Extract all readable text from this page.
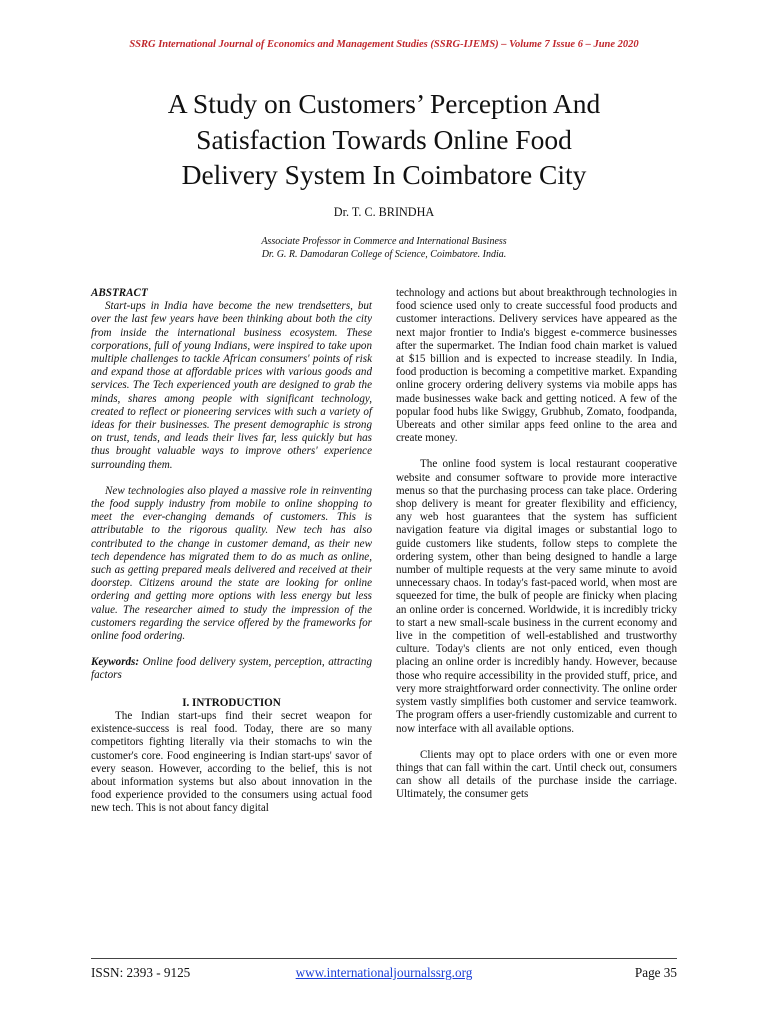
SSRG International Journal of Economics and Management Studies (SSRG-IJEMS) – Volume 7 Issue 6 – June 2020
A Study on Customers’ Perception And
Satisfaction Towards Online Food
Delivery System In Coimbatore City
Dr. T. C. BRINDHA
Associate Professor in Commerce and International Business
Dr. G. R. Damodaran College of Science, Coimbatore. India.

ABSTRACT

Start-ups in India have become the new trendsetters, but over the last few years have been thinking about both the city from inside the international business ecosystem. These corporations, full of young Indians, were inspired to take upon multiple challenges to tackle African consumers' points of risk and expand those at affordable prices with various goods and services. The Tech experienced youth are designed to grab the minds, shares among people with significant technology, created to reflect or pioneering services with such a variety of ideas for their businesses. The present demographic is strong on trust, tends, and leads their lives far, less quickly but has thus brought valuable ways to improve others' experience surrounding them.

New technologies also played a massive role in reinventing the food supply industry from mobile to online shopping to meet the ever-changing demands of customers. This is attributable to the rigorous quality. New tech has also contributed to the change in customer demand, as their new tech dependence has migrated them to do as much as online, such as getting prepared meals delivered and received at their doorstep. Citizens around the state are looking for online ordering and getting more options with less energy but less value. The researcher aimed to study the impression of the customers regarding the service offered by the frameworks for online food ordering.

Keywords: Online food delivery system, perception, attracting factors

I. INTRODUCTION

The Indian start-ups find their secret weapon for existence-success is real food. Today, there are so many competitors fighting literally via their stomachs to win the customer's core. Food engineering is Indian start-ups' savor of every season. However, according to the belief, this is not about information systems but also about innovation in the food experience provided to the consumers using actual food new tech. This is not about fancy digital

technology and actions but about breakthrough technologies in food science used only to create successful food products and customer interactions. Delivery services have appeared as the next major frontier to India's biggest e-commerce businesses after the supermarket. The Indian food chain market is valued at $15 billion and is expected to increase steadily. In India, food production is becoming a competitive market. Expanding online grocery ordering delivery systems via mobile apps has made businesses wake back and getting noticed. A few of the popular food hubs like Swiggy, Grubhub, Zomato, foodpanda, Ubereats and other similar apps feed online to the area and create money.

The online food system is local restaurant cooperative website and consumer software to provide more interactive menus so that the purchasing process can take place. Ordering shop delivery is meant for greater flexibility and efficiency, any web host guarantees that the system has sufficient navigation feature via digital images or substantial logo to guide customers like students, follow steps to complete the ordering system, other than being designed to handle a large number of multiple requests at the very same minute to avoid unnecessary chaos. In today's fast-paced world, when most are squeezed for time, the bulk of people are finicky when placing an online order is concerned. Worldwide, it is incredibly tricky to start a new small-scale business in the current economy and live in the competition of well-established and trustworthy culture. Today's clients are not only enticed, even though placing an online order is incredibly handy. However, because those who require accessibility in the provided stuff, price, and very more straightforward order connectivity. The online order system vastly simplifies both customer and service teamwork. The program offers a user-friendly customizable and current to now interface with all available options.

Clients may opt to place orders with one or even more things that can fall within the cart. Until check out, consumers can show all details of the purchase inside the carriage. Ultimately, the consumer gets

ISSN: 2393 - 9125	www.internationaljournalssrg.org	Page 35
